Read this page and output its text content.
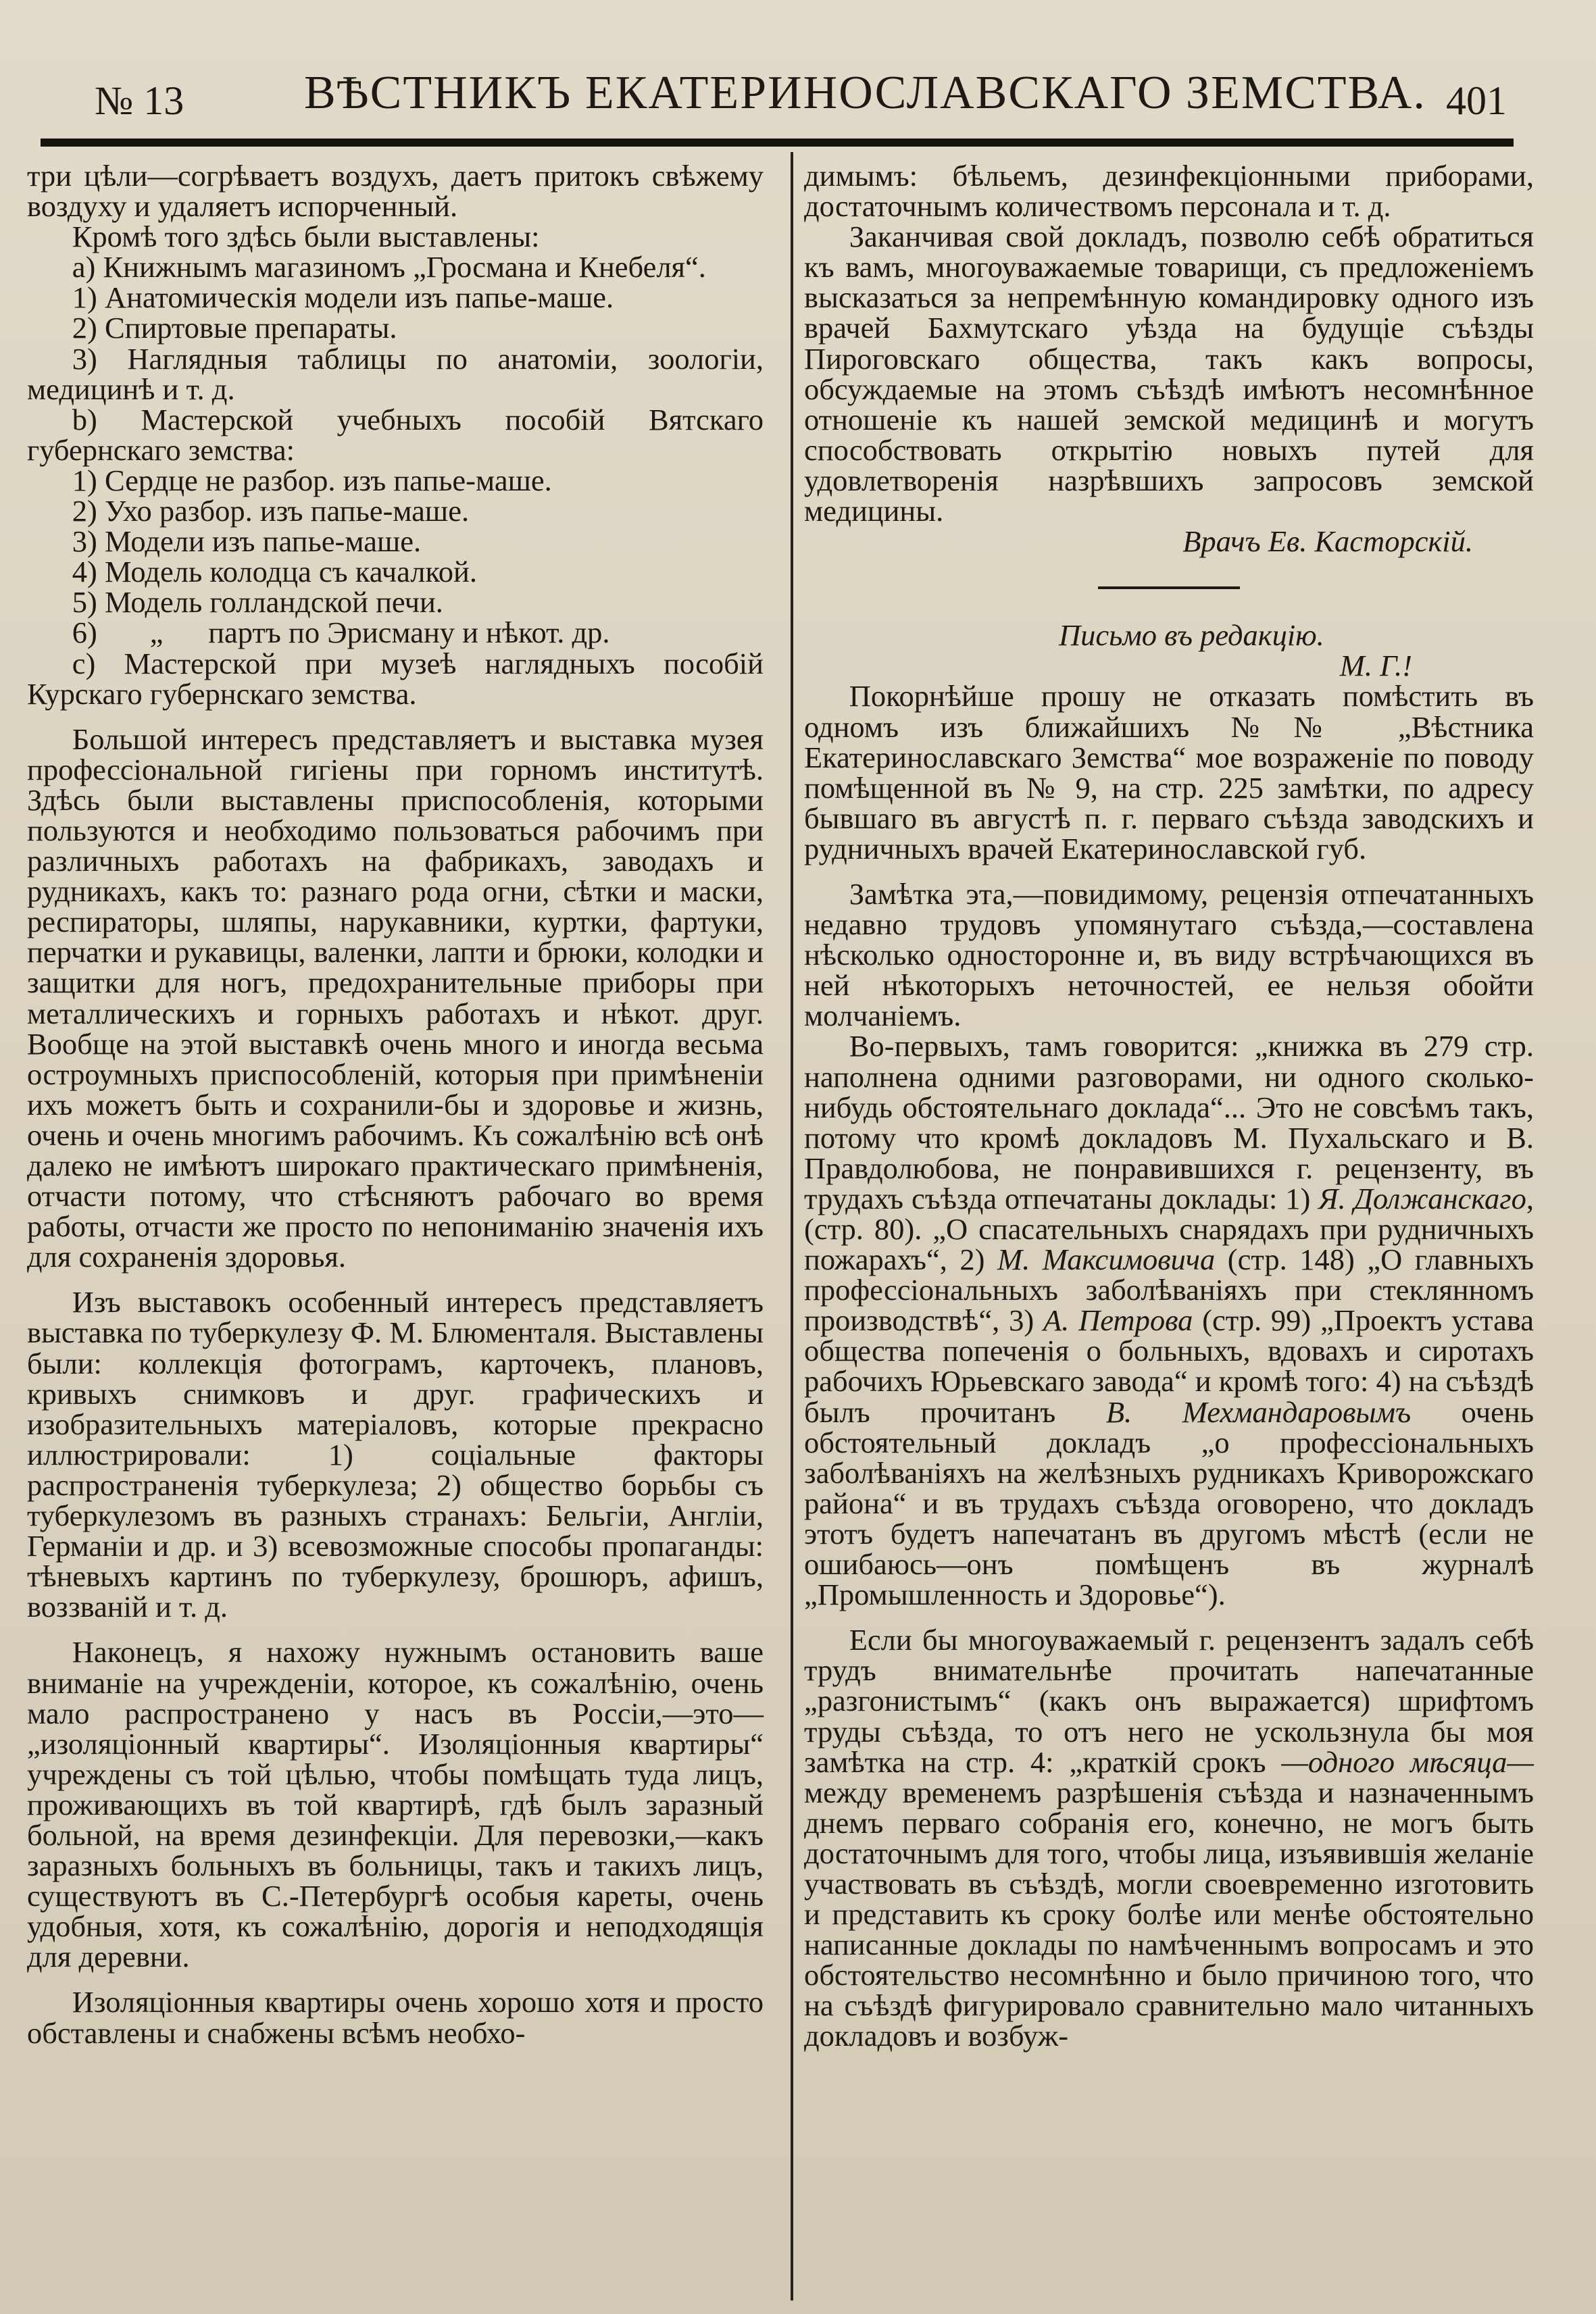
№ 13	ВѢСТНИКЪ ЕКАТЕРИНОСЛАВСКАГО ЗЕМСТВА. 401

три цѣли—согрѣваетъ воздухъ, даетъ притокъ свѣжему воздуху и удаляетъ испорченный.

Кромѣ того здѣсь были выставлены:

a) Книжнымъ магазиномъ „Гросмана и Кнебеля“.

1) Анатомическія модели изъ папье-маше.

2) Спиртовые препараты.

3) Наглядныя таблицы по анатоміи, зоологіи, медицинѣ и т. д.

b) Мастерской учебныхъ пособій Вятскаго губернскаго земства:

1) Сердце не разбор. изъ папье-маше.

2) Ухо разбор. изъ папье-маше.

3) Модели изъ папье-маше.

4) Модель колодца съ качалкой.

5) Модель голландской печи.

6)       „      партъ по Эрисману и нѣкот. др.

c) Мастерской при музеѣ наглядныхъ пособій Курскаго губернскаго земства.

Большой интересъ представляетъ и выставка музея профессіональной гигіены при горномъ институтѣ. Здѣсь были выставлены приспособленія, которыми пользуются и необходимо пользоваться рабочимъ при различныхъ работахъ на фабрикахъ, заводахъ и рудникахъ, какъ то: разнаго рода огни, сѣтки и маски, респираторы, шляпы, нарукавники, куртки, фартуки, перчатки и рукавицы, валенки, лапти и брюки, колодки и защитки для ногъ, предохранительные приборы при металлическихъ и горныхъ работахъ и нѣкот. друг. Вообще на этой выставкѣ очень много и иногда весьма остроумныхъ приспособленій, которыя при примѣненіи ихъ можетъ быть и сохранили-бы и здоровье и жизнь, очень и очень многимъ рабочимъ. Къ сожалѣнію всѣ онѣ далеко не имѣютъ широкаго практическаго примѣненія, отчасти потому, что стѣсняютъ рабочаго во время работы, отчасти же просто по непониманію значенія ихъ для сохраненія здоровья.

Изъ выставокъ особенный интересъ представляетъ выставка по туберкулезу Ф. М. Блюменталя. Выставлены были: коллекція фотограмъ, карточекъ, плановъ, кривыхъ снимковъ и друг. графическихъ и изобразительныхъ матеріаловъ, которые прекрасно иллюстрировали: 1) соціальные факторы распространенія туберкулеза; 2) общество борьбы съ туберкулезомъ въ разныхъ странахъ: Бельгіи, Англіи, Германіи и др. и 3) всевозможные способы пропаганды: тѣневыхъ картинъ по туберкулезу, брошюръ, афишъ, воззваній и т. д.

Наконецъ, я нахожу нужнымъ остановить ваше вниманіе на учрежденіи, которое, къ сожалѣнію, очень мало распространено у насъ въ Россіи,—это—„изоляціонный квартиры“. Изоляціонныя квартиры“ учреждены съ той цѣлью, чтобы помѣщать туда лицъ, проживающихъ въ той квартирѣ, гдѣ былъ заразный больной, на время дезинфекціи. Для перевозки,—какъ заразныхъ больныхъ въ больницы, такъ и такихъ лицъ, существуютъ въ С.-Петербургѣ особыя кареты, очень удобныя, хотя, къ сожалѣнію, дорогія и неподходящія для деревни.

Изоляціонныя квартиры очень хорошо хотя и просто обставлены и снабжены всѣмъ необхо-

димымъ: бѣльемъ, дезинфекціонными приборами, достаточнымъ количествомъ персонала и т. д.

Заканчивая свой докладъ, позволю себѣ обратиться къ вамъ, многоуважаемые товарищи, съ предложеніемъ высказаться за непремѣнную командировку одного изъ врачей Бахмутскаго уѣзда на будущіе съѣзды Пироговскаго общества, такъ какъ вопросы, обсуждаемые на этомъ съѣздѣ имѣютъ несомнѣнное отношеніе къ нашей земской медицинѣ и могутъ способствовать открытію новыхъ путей для удовлетворенія назрѣвшихъ запросовъ земской медицины.

Врачъ Ев. Касторскій.

Письмо въ редакцію.

М. Г.!

Покорнѣйше прошу не отказать помѣстить въ одномъ изъ ближайшихъ №№ „Вѣстника Екатеринославскаго Земства“ мое возраженіе по поводу помѣщенной въ № 9, на стр. 225 замѣтки, по адресу бывшаго въ августѣ п. г. перваго съѣзда заводскихъ и рудничныхъ врачей Екатеринославской губ.

Замѣтка эта,—повидимому, рецензія отпечатанныхъ недавно трудовъ упомянутаго съѣзда,—составлена нѣсколько односторонне и, въ виду встрѣчающихся въ ней нѣкоторыхъ неточностей, ее нельзя обойти молчаніемъ.

Во-первыхъ, тамъ говорится: „книжка въ 279 стр. наполнена одними разговорами, ни одного сколько-нибудь обстоятельнаго доклада“... Это не совсѣмъ такъ, потому что кромѣ докладовъ М. Пухальскаго и В. Правдолюбова, не понравившихся г. рецензенту, въ трудахъ съѣзда отпечатаны доклады: 1) Я. Должанскаго, (стр. 80). „О спасательныхъ снарядахъ при рудничныхъ пожарахъ“, 2) М. Максимовича (стр. 148) „О главныхъ профессіональныхъ заболѣваніяхъ при стеклянномъ производствѣ“, 3) А. Петрова (стр. 99) „Проектъ устава общества попеченія о больныхъ, вдовахъ и сиротахъ рабочихъ Юрьевскаго завода“ и кромѣ того: 4) на съѣздѣ былъ прочитанъ В. Мехмандаровымъ очень обстоятельный докладъ „о профессіональныхъ заболѣваніяхъ на желѣзныхъ рудникахъ Криворожскаго района“ и въ трудахъ съѣзда оговорено, что докладъ этотъ будетъ напечатанъ въ другомъ мѣстѣ (если не ошибаюсь—онъ помѣщенъ въ журналѣ „Промышленность и Здоровье“).

Если бы многоуважаемый г. рецензентъ задалъ себѣ трудъ внимательнѣе прочитать напечатанные „разгонистымъ“ (какъ онъ выражается) шрифтомъ труды съѣзда, то отъ него не ускользнула бы моя замѣтка на стр. 4: „краткій срокъ —одного мѣсяца—между временемъ разрѣшенія съѣзда и назначеннымъ днемъ перваго собранія его, конечно, не могъ быть достаточнымъ для того, чтобы лица, изъявившія желаніе участвовать въ съѣздѣ, могли своевременно изготовить и представить къ сроку болѣе или менѣе обстоятельно написанные доклады по намѣченнымъ вопросамъ и это обстоятельство несомнѣнно и было причиною того, что на съѣздѣ фигурировало сравнительно мало читанныхъ докладовъ и возбуж-
